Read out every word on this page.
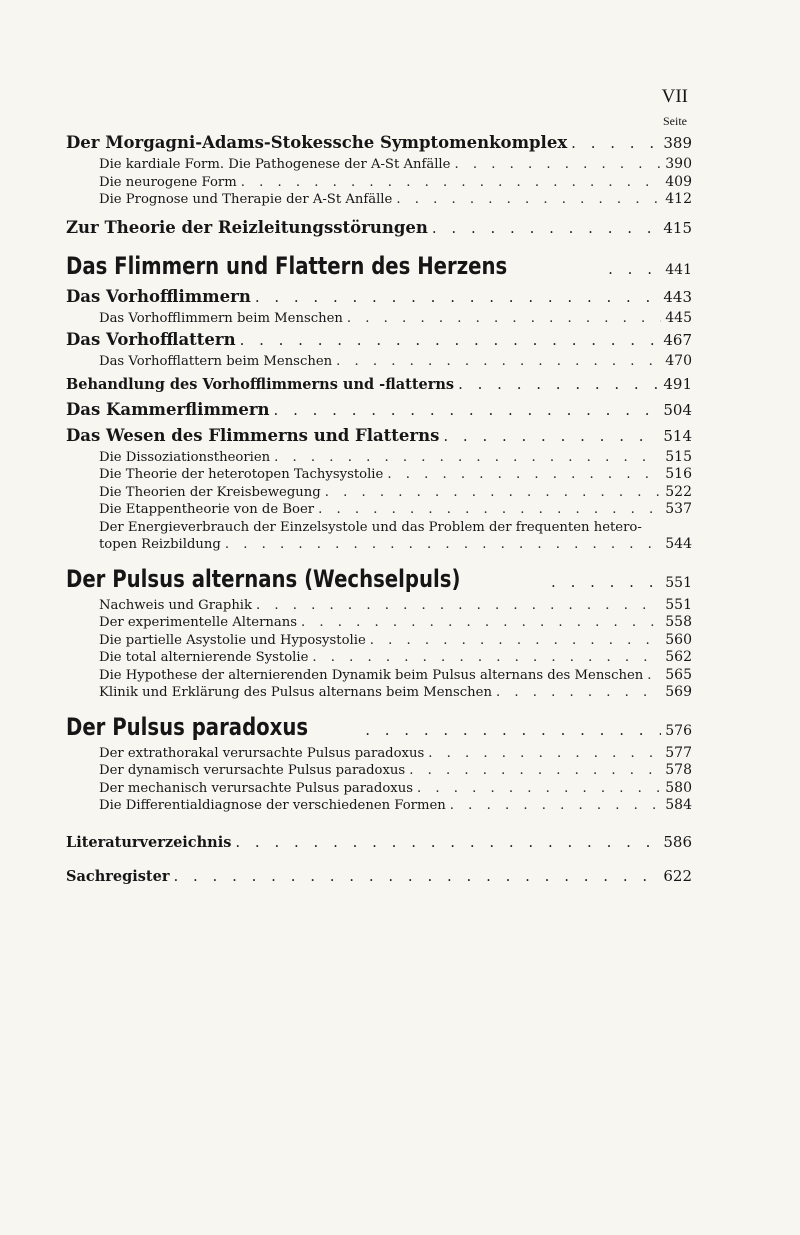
VII
Seite
Der Morgagni-Adams-Stokessche Symptomenkomplex . . .	389
Die kardiale Form. Die Pathogenese der A-St Anfälle . . .	390
Die neurogene Form . . .	409
Die Prognose und Therapie der A-St Anfälle . . .	412
Zur Theorie der Reizleitungsstörungen . . .	415
Das Flimmern und Flattern des Herzens . . .	441
Das Vorhofflimmern . . .	443
Das Vorhofflimmern beim Menschen . . .	445
Das Vorhofflattern . . .	467
Das Vorhofflattern beim Menschen . . .	470
Behandlung des Vorhofflimmerns und -flatterns . . .	491
Das Kammerflimmern . . .	504
Das Wesen des Flimmerns und Flatterns . . .	514
Die Dissoziationstheorien . . .	515
Die Theorie der heterotopen Tachysystolie . . .	516
Die Theorien der Kreisbewegung . . .	522
Die Etappentheorie von de Boer . . .	537
Der Energieverbrauch der Einzelsystole und das Problem der frequenten hetero-
topen Reizbildung . . .	544
Der Pulsus alternans (Wechselpuls) . . .	551
Nachweis und Graphik . . .	551
Der experimentelle Alternans . . .	558
Die partielle Asystolie und Hyposystolie . . .	560
Die total alternierende Systolie . . .	562
Die Hypothese der alternierenden Dynamik beim Pulsus alternans des Menschen . . . 565
Klinik und Erklärung des Pulsus alternans beim Menschen . . .	569
Der Pulsus paradoxus . . .	576
Der extrathorakal verursachte Pulsus paradoxus . . .	577
Der dynamisch verursachte Pulsus paradoxus . . .	578
Der mechanisch verursachte Pulsus paradoxus . . .	580
Die Differentialdiagnose der verschiedenen Formen . . .	584
Literaturverzeichnis . . .	586
Sachregister . . .	622
